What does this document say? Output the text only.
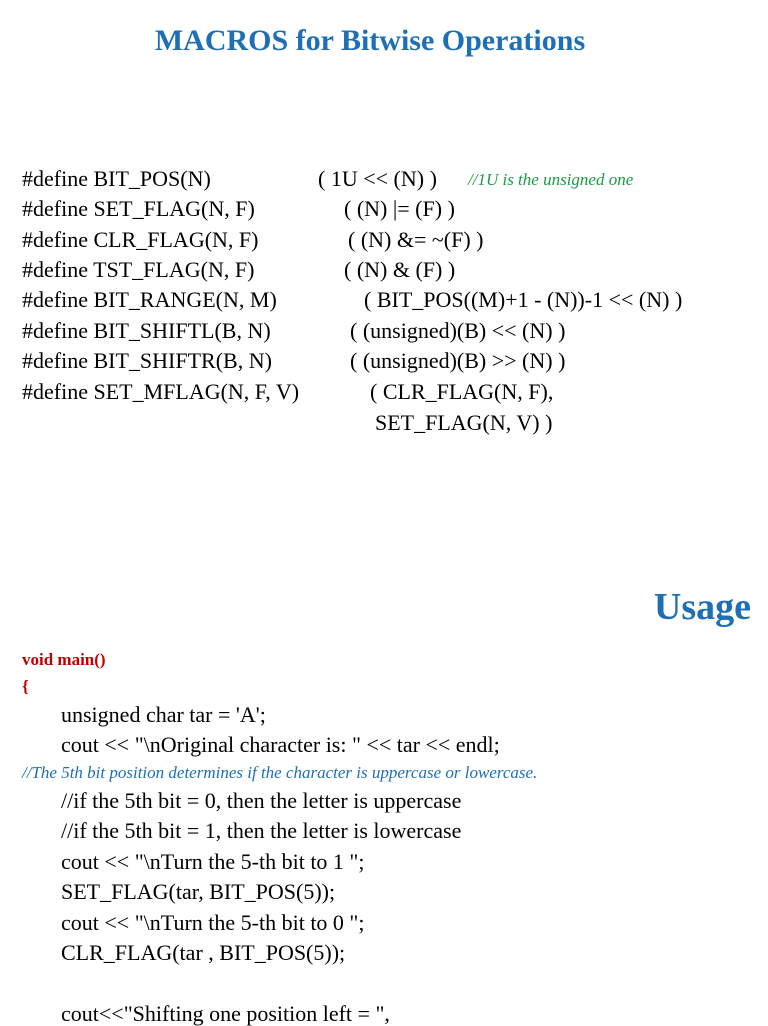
MACROS for Bitwise Operations
#define BIT_POS(N)	( 1U << (N) ) //1U is the unsigned one
#define SET_FLAG(N, F)	( (N) |= (F) )
#define CLR_FLAG(N, F)	( (N) &= ~(F) )
#define TST_FLAG(N, F)	( (N) & (F) )
#define BIT_RANGE(N, M)	( BIT_POS((M)+1 - (N))-1 << (N) )
#define BIT_SHIFTL(B, N)	( (unsigned)(B) << (N) )
#define BIT_SHIFTR(B, N)	( (unsigned)(B) >> (N) )
#define SET_MFLAG(N, F, V)	( CLR_FLAG(N, F),
SET_FLAG(N, V) )
Usage
void main()
{
unsigned char tar = 'A';
cout << "\nOriginal character is: " << tar << endl;
//The 5th bit position determines if the character is uppercase or lowercase.
//if the 5th bit = 0, then the letter is uppercase
//if the 5th bit = 1, then the letter is lowercase
cout << "\nTurn the 5-th bit to 1 ";
SET_FLAG(tar, BIT_POS(5));
cout << "\nTurn the 5-th bit to 0 ";
CLR_FLAG(tar , BIT_POS(5));
cout<<"Shifting one position left = ",
